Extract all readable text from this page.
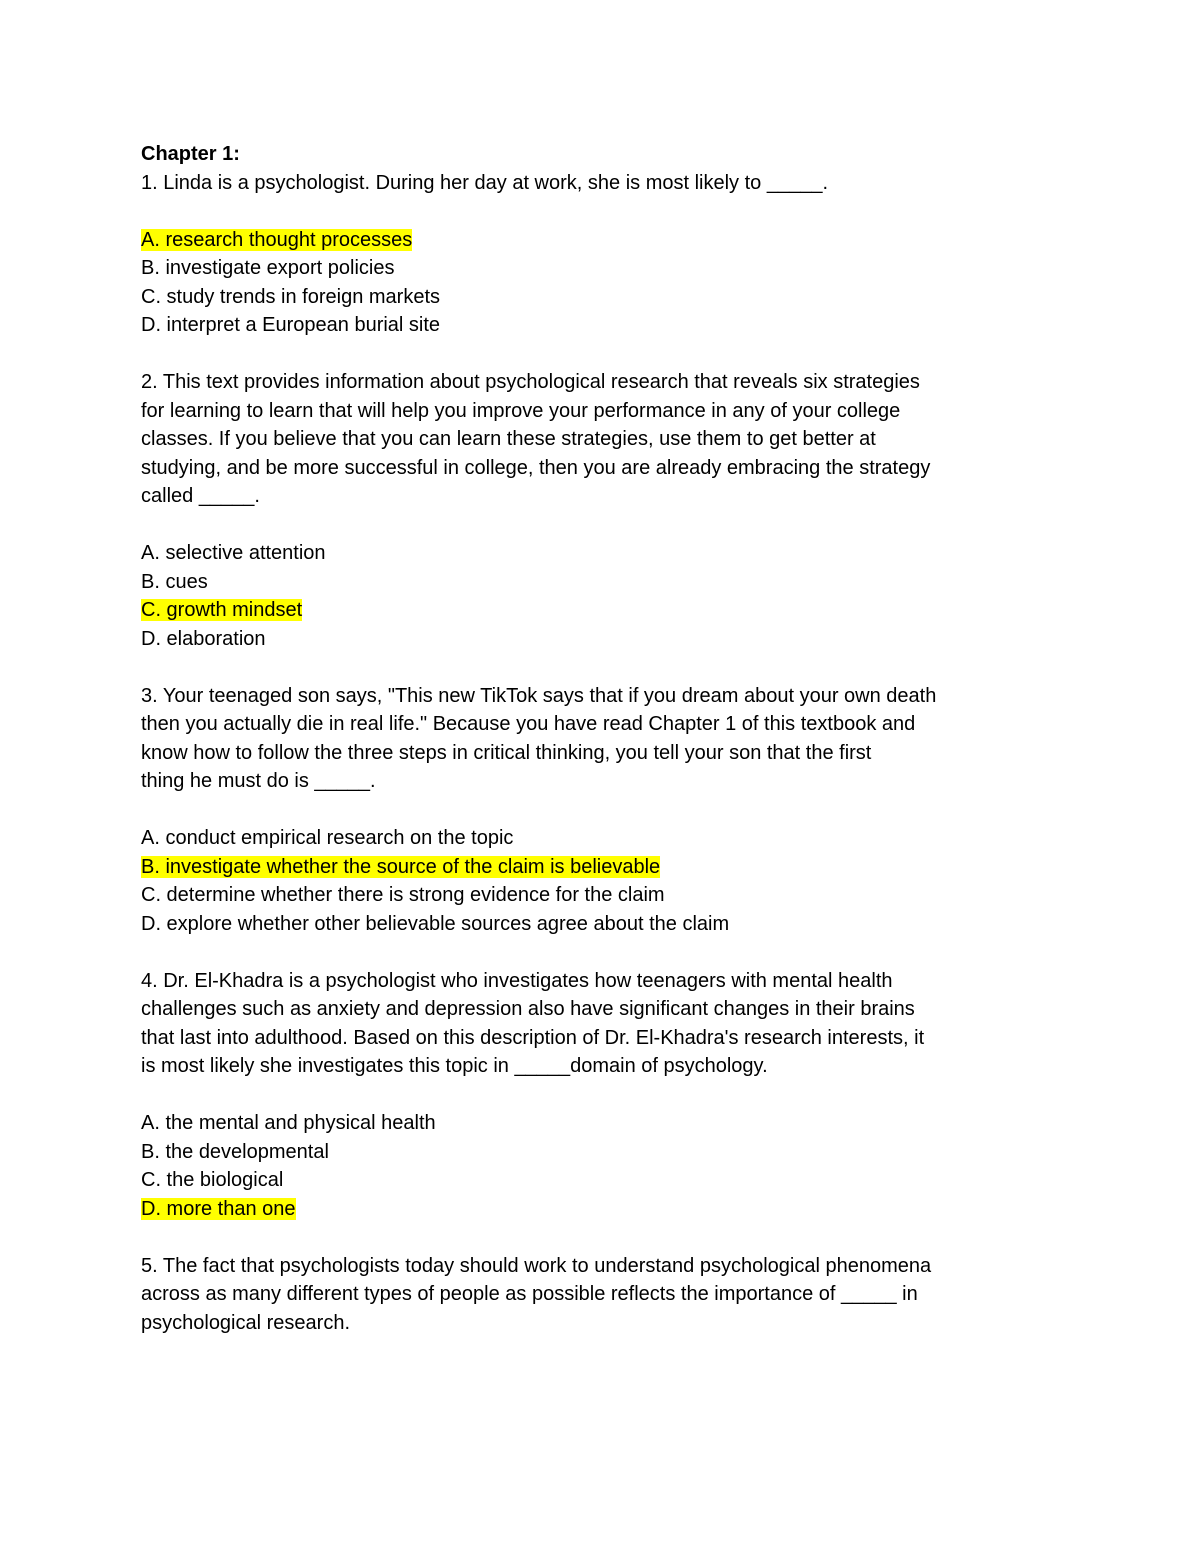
Chapter 1:

1. Linda is a psychologist. During her day at work, she is most likely to _____.

A. research thought processes

B. investigate export policies

C. study trends in foreign markets

D. interpret a European burial site

2. This text provides information about psychological research that reveals six strategies

for learning to learn that will help you improve your performance in any of your college

classes. If you believe that you can learn these strategies, use them to get better at

studying, and be more successful in college, then you are already embracing the strategy

called _____.

A. selective attention

B. cues

C. growth mindset

D. elaboration

3. Your teenaged son says, "This new TikTok says that if you dream about your own death

then you actually die in real life." Because you have read Chapter 1 of this textbook and

know how to follow the three steps in critical thinking, you tell your son that the first

thing he must do is _____.

A. conduct empirical research on the topic

B. investigate whether the source of the claim is believable

C. determine whether there is strong evidence for the claim

D. explore whether other believable sources agree about the claim

4. Dr. El-Khadra is a psychologist who investigates how teenagers with mental health

challenges such as anxiety and depression also have significant changes in their brains

that last into adulthood. Based on this description of Dr. El-Khadra's research interests, it

is most likely she investigates this topic in _____domain of psychology.

A. the mental and physical health

B. the developmental

C. the biological

D. more than one

5. The fact that psychologists today should work to understand psychological phenomena

across as many different types of people as possible reflects the importance of _____ in

psychological research.
